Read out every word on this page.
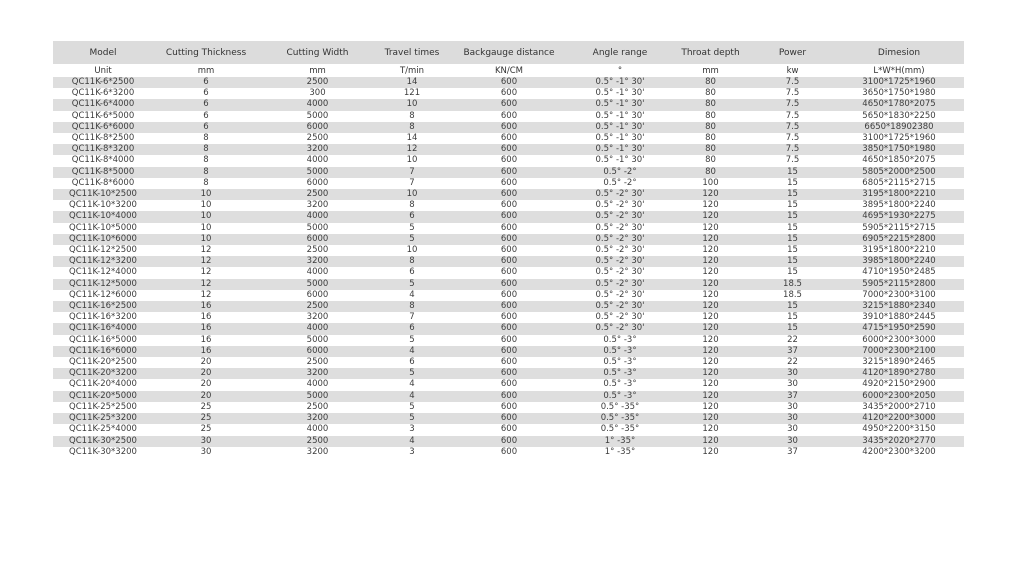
Model	Cutting Thickness	Cutting Width	Travel times	Backgauge distance	Angle range	Throat depth	Power	Dimesion
Unit	mm	mm	T/min	KN/CM	°	mm	kw	L*W*H(mm)
QC11K-6*2500	6	2500	14	600	0.5° -1° 30'	80	7.5	3100*1725*1960
QC11K-6*3200	6	300	121	600	0.5° -1° 30'	80	7.5	3650*1750*1980
QC11K-6*4000	6	4000	10	600	0.5° -1° 30'	80	7.5	4650*1780*2075
QC11K-6*5000	6	5000	8	600	0.5° -1° 30'	80	7.5	5650*1830*2250
QC11K-6*6000	6	6000	8	600	0.5° -1° 30'	80	7.5	6650*18902380
QC11K-8*2500	8	2500	14	600	0.5° -1° 30'	80	7.5	3100*1725*1960
QC11K-8*3200	8	3200	12	600	0.5° -1° 30'	80	7.5	3850*1750*1980
QC11K-8*4000	8	4000	10	600	0.5° -1° 30'	80	7.5	4650*1850*2075
QC11K-8*5000	8	5000	7	600	0.5° -2°	80	15	5805*2000*2500
QC11K-8*6000	8	6000	7	600	0.5° -2°	100	15	6805*2115*2715
QC11K-10*2500	10	2500	10	600	0.5° -2° 30'	120	15	3195*1800*2210
QC11K-10*3200	10	3200	8	600	0.5° -2° 30'	120	15	3895*1800*2240
QC11K-10*4000	10	4000	6	600	0.5° -2° 30'	120	15	4695*1930*2275
QC11K-10*5000	10	5000	5	600	0.5° -2° 30'	120	15	5905*2115*2715
QC11K-10*6000	10	6000	5	600	0.5° -2° 30'	120	15	6905*2215*2800
QC11K-12*2500	12	2500	10	600	0.5° -2° 30'	120	15	3195*1800*2210
QC11K-12*3200	12	3200	8	600	0.5° -2° 30'	120	15	3985*1800*2240
QC11K-12*4000	12	4000	6	600	0.5° -2° 30'	120	15	4710*1950*2485
QC11K-12*5000	12	5000	5	600	0.5° -2° 30'	120	18.5	5905*2115*2800
QC11K-12*6000	12	6000	4	600	0.5° -2° 30'	120	18.5	7000*2300*3100
QC11K-16*2500	16	2500	8	600	0.5° -2° 30'	120	15	3215*1880*2340
QC11K-16*3200	16	3200	7	600	0.5° -2° 30'	120	15	3910*1880*2445
QC11K-16*4000	16	4000	6	600	0.5° -2° 30'	120	15	4715*1950*2590
QC11K-16*5000	16	5000	5	600	0.5° -3°	120	22	6000*2300*3000
QC11K-16*6000	16	6000	4	600	0.5° -3°	120	37	7000*2300*2100
QC11K-20*2500	20	2500	6	600	0.5° -3°	120	22	3215*1890*2465
QC11K-20*3200	20	3200	5	600	0.5° -3°	120	30	4120*1890*2780
QC11K-20*4000	20	4000	4	600	0.5° -3°	120	30	4920*2150*2900
QC11K-20*5000	20	5000	4	600	0.5° -3°	120	37	6000*2300*2050
QC11K-25*2500	25	2500	5	600	0.5° -35°	120	30	3435*2000*2710
QC11K-25*3200	25	3200	5	600	0.5° -35°	120	30	4120*2200*3000
QC11K-25*4000	25	4000	3	600	0.5° -35°	120	30	4950*2200*3150
QC11K-30*2500	30	2500	4	600	1° -35°	120	30	3435*2020*2770
QC11K-30*3200	30	3200	3	600	1° -35°	120	37	4200*2300*3200
